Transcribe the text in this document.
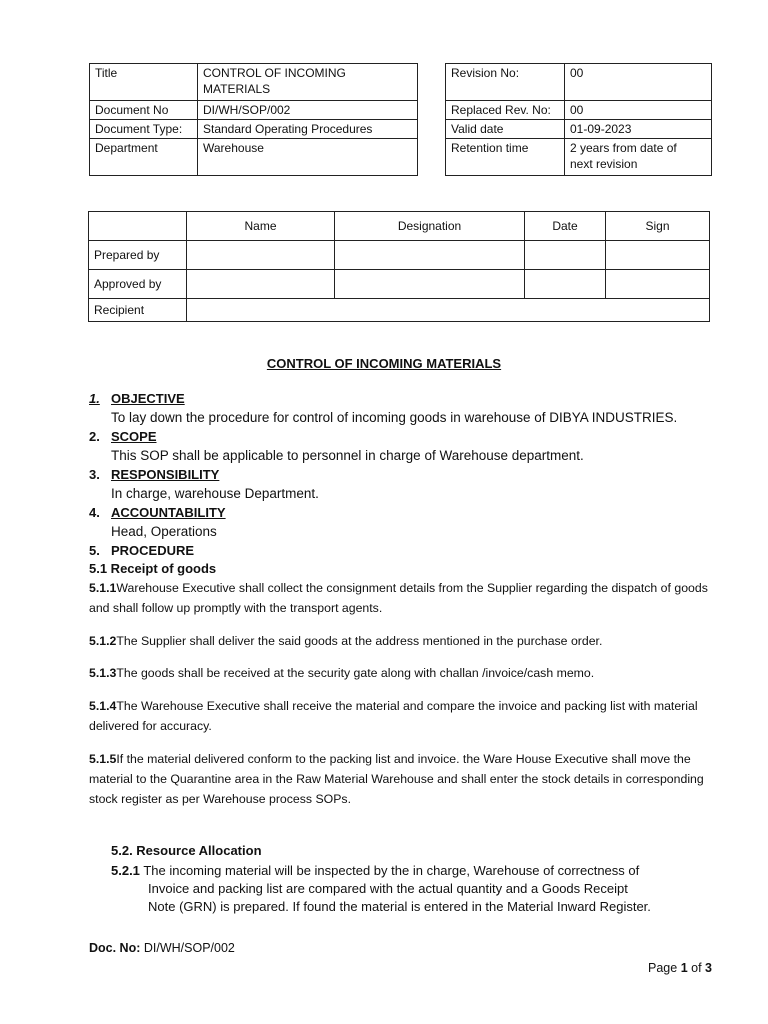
Title	CONTROL OF INCOMING MATERIALS
Document No	DI/WH/SOP/002
Document Type:	Standard Operating Procedures
Department	Warehouse
Revision No:	00
Replaced Rev. No:	00
Valid date	01-09-2023
Retention time	2 years from date of next revision
	Name	Designation	Date	Sign
Prepared by				
Approved by				
Recipient				
CONTROL OF INCOMING MATERIALS
1. OBJECTIVE
To lay down the procedure for control of incoming goods in warehouse of DIBYA INDUSTRIES.
2. SCOPE
This SOP shall be applicable to personnel in charge of Warehouse department.
3. RESPONSIBILITY
In charge, warehouse Department.
4. ACCOUNTABILITY
Head, Operations
5. PROCEDURE
5.1 Receipt of goods
5.1.1Warehouse Executive shall collect the consignment details from the Supplier regarding the dispatch of goods and shall follow up promptly with the transport agents.
5.1.2The Supplier shall deliver the said goods at the address mentioned in the purchase order.
5.1.3The goods shall be received at the security gate along with challan /invoice/cash memo.
5.1.4The Warehouse Executive shall receive the material and compare the invoice and packing list with material delivered for accuracy.
5.1.5If the material delivered conform to the packing list and invoice. the Ware House Executive shall move the material to the Quarantine area in the Raw Material Warehouse and shall enter the stock details in corresponding stock register as per Warehouse process SOPs.
5.2. Resource Allocation
5.2.1 The incoming material will be inspected by the in charge, Warehouse of correctness of
Invoice and packing list are compared with the actual quantity and a Goods Receipt
Note (GRN) is prepared. If found the material is entered in the Material Inward Register.
Doc. No: DI/WH/SOP/002
Page 1 of 3
